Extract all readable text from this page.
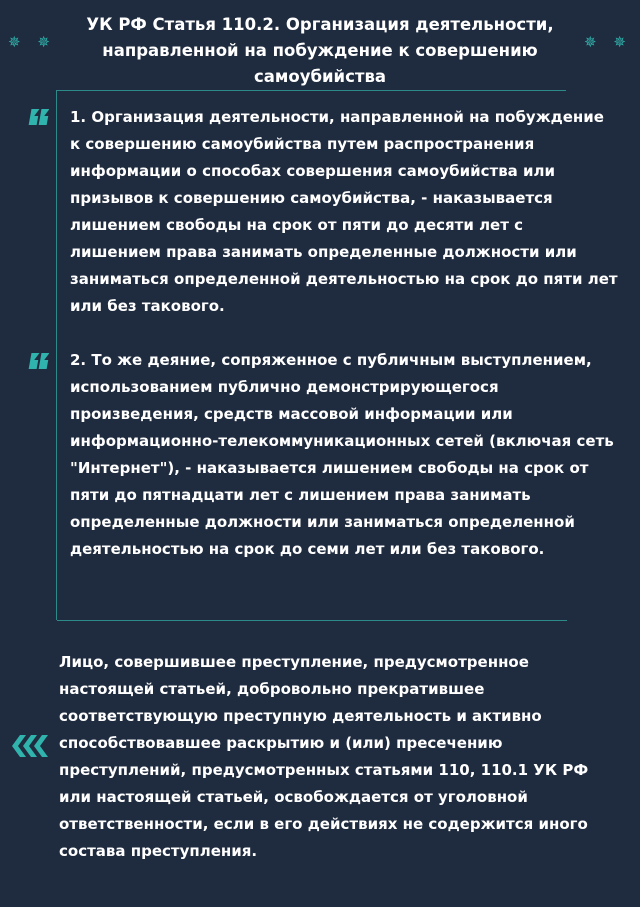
УК РФ Статья 110.2. Организация деятельности, направленной на побуждение к совершению самоубийства
✵ ✵	✵ ✵

1. Организация деятельности, направленной на побуждение к совершению самоубийства путем распространения информации о способах совершения самоубийства или призывов к совершению самоубийства, - наказывается лишением свободы на срок от пяти до десяти лет с лишением права занимать определенные должности или заниматься определенной деятельностью на срок до пяти лет или без такового.

2. То же деяние, сопряженное с публичным выступлением, использованием публично демонстрирующегося произведения, средств массовой информации или информационно-телекоммуникационных сетей (включая сеть "Интернет"), - наказывается лишением свободы на срок от пяти до пятнадцати лет с лишением права занимать определенные должности или заниматься определенной деятельностью на срок до семи лет или без такового.

Лицо, совершившее преступление, предусмотренное настоящей статьей, добровольно прекратившее соответствующую преступную деятельность и активно способствовавшее раскрытию и (или) пресечению преступлений, предусмотренных статьями 110, 110.1 УК РФ или настоящей статьей, освобождается от уголовной ответственности, если в его действиях не содержится иного состава преступления.
